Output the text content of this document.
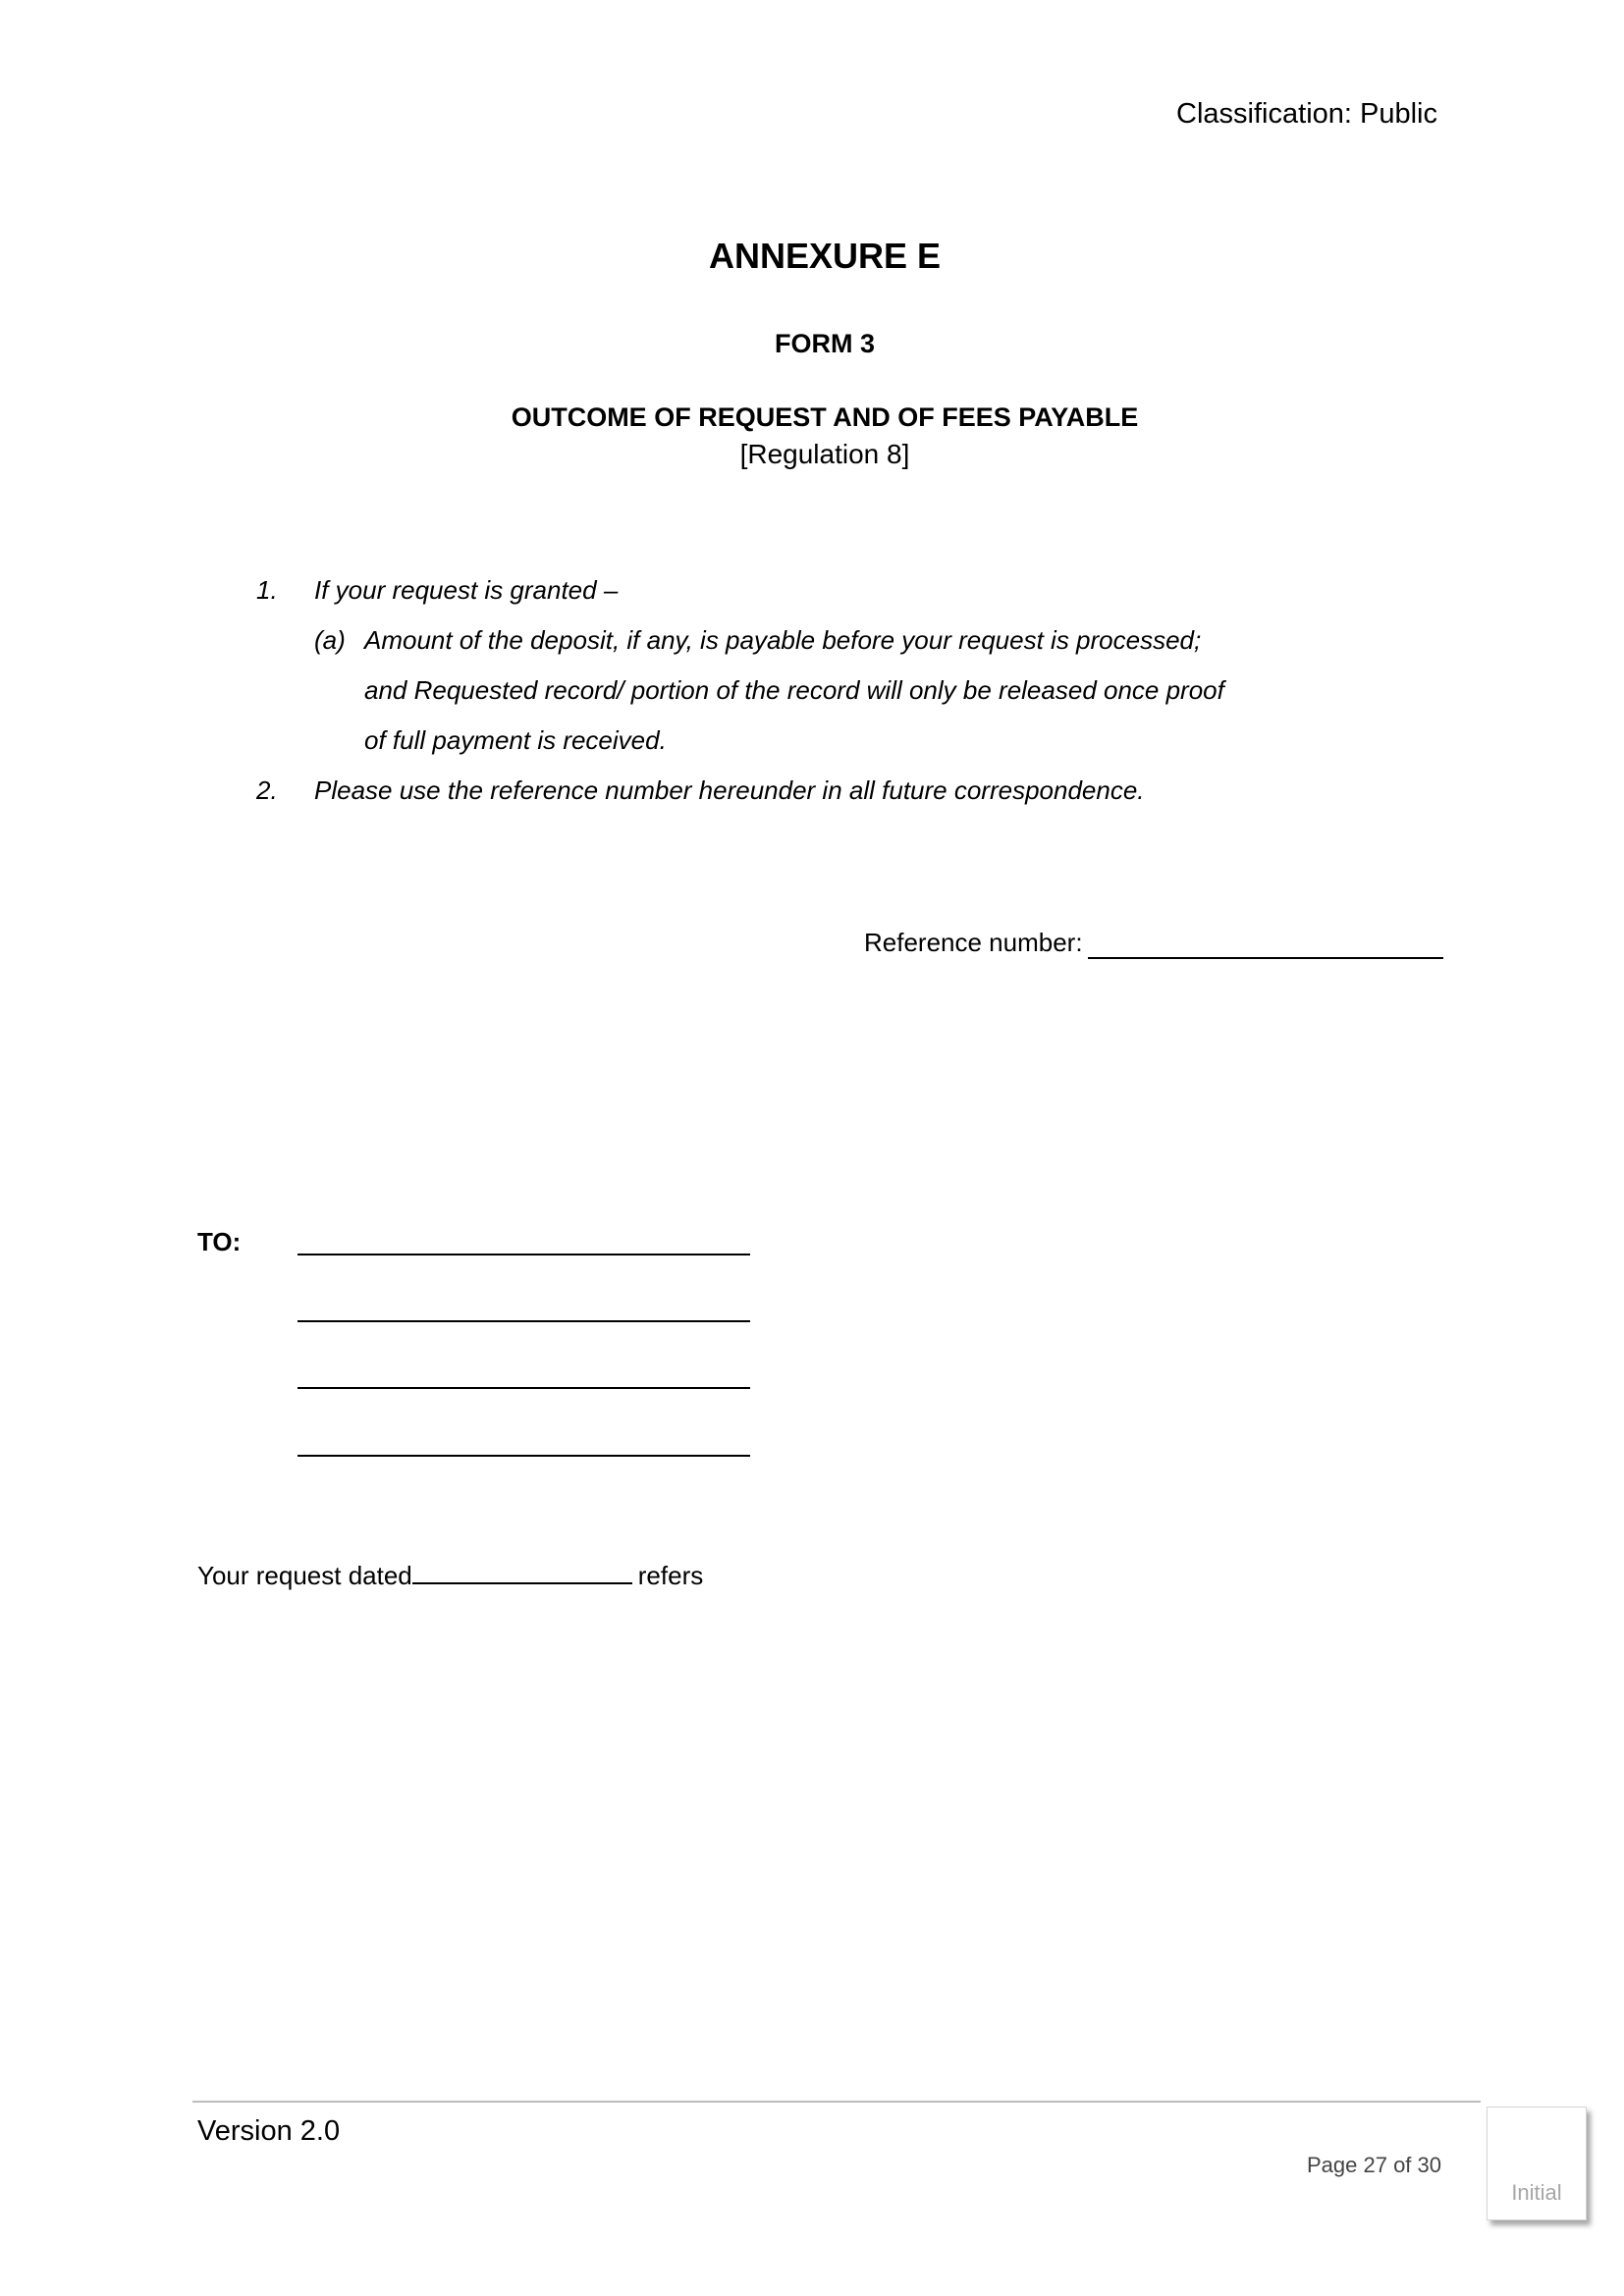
Classification: Public
ANNEXURE E
FORM 3
OUTCOME OF REQUEST AND OF FEES PAYABLE
[Regulation 8]
1. If your request is granted –
(a) Amount of the deposit, if any, is payable before your request is processed;
and Requested record/ portion of the record will only be released once proof
of full payment is received.
2. Please use the reference number hereunder in all future correspondence.
Reference number:
TO:
Your request dated	refers
Version 2.0
Page 27 of 30
Initial
